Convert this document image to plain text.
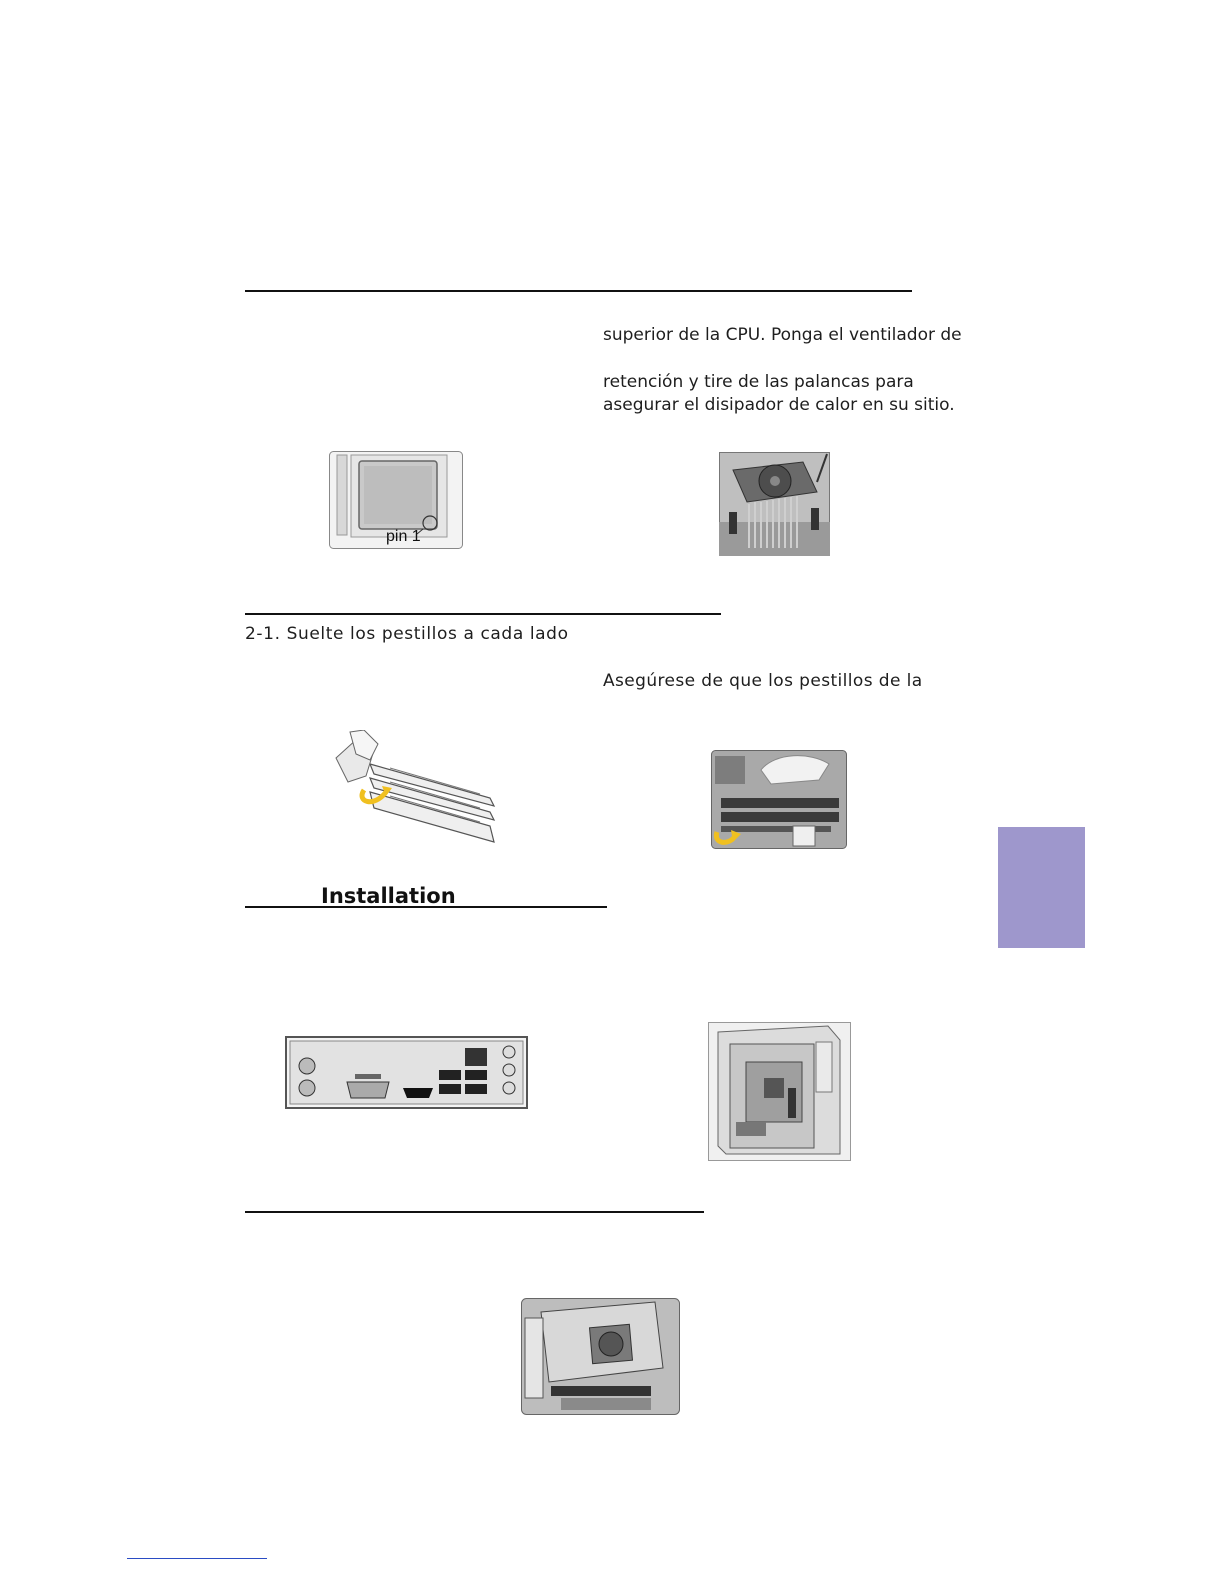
superior de la CPU. Ponga el ventilador de
retención y tire de las palancas para
asegurar el disipador de calor en su sitio.
pin 1
2-1. Suelte los pestillos a cada lado
Asegúrese de que los pestillos de la
Installation
